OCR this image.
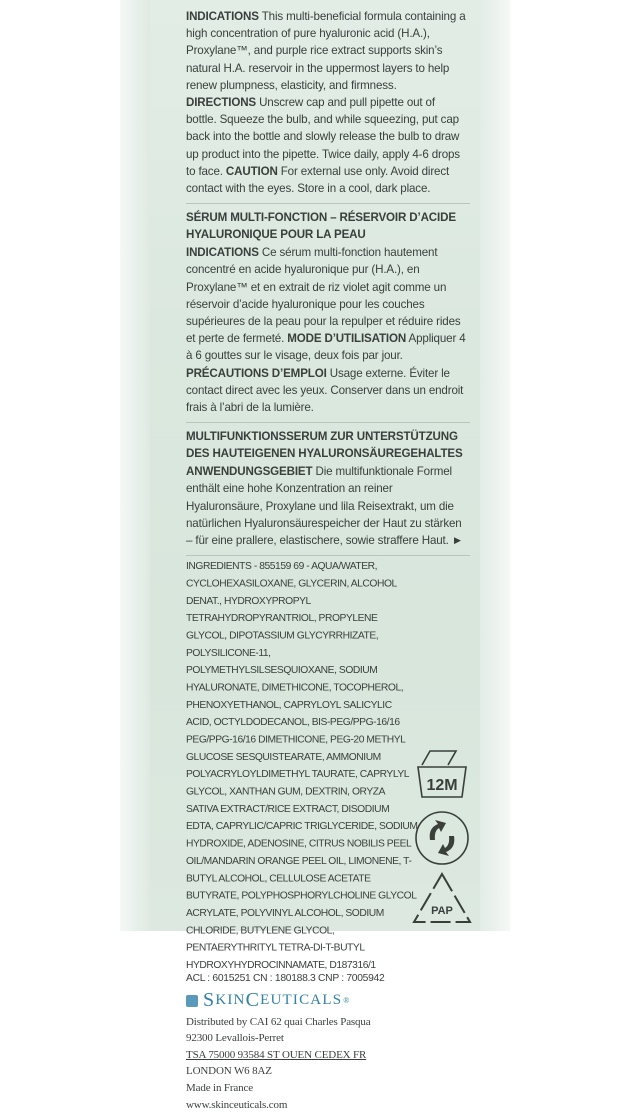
INDICATIONS This multi-beneficial formula containing a high concentration of pure hyaluronic acid (H.A.), Proxylane™, and purple rice extract supports skin’s natural H.A. reservoir in the uppermost layers to help renew plumpness, elasticity, and firmness. DIRECTIONS Unscrew cap and pull pipette out of bottle. Squeeze the bulb, and while squeezing, put cap back into the bottle and slowly release the bulb to draw up product into the pipette. Twice daily, apply 4-6 drops to face. CAUTION For external use only. Avoid direct contact with the eyes. Store in a cool, dark place.
SÉRUM MULTI-FONCTION – RÉSERVOIR D’ACIDE HYALURONIQUE POUR LA PEAU
INDICATIONS Ce sérum multi-fonction hautement concentré en acide hyaluronique pur (H.A.), en Proxylane™ et en extrait de riz violet agit comme un réservoir d’acide hyaluronique pour les couches supérieures de la peau pour la repulper et réduire rides et perte de fermeté. MODE D’UTILISATION Appliquer 4 à 6 gouttes sur le visage, deux fois par jour. PRÉCAUTIONS D’EMPLOI Usage externe. Éviter le contact direct avec les yeux. Conserver dans un endroit frais à l’abri de la lumière.
MULTIFUNKTIONSSERUM ZUR UNTERSTÜTZUNG DES HAUTEIGENEN HYALURONSÄUREGEHALTES
ANWENDUNGSGEBIET Die multifunktionale Formel enthält eine hohe Konzentration an reiner Hyaluronsäure, Proxylane und lila Reisextrakt, um die natürlichen Hyaluronsäurespeicher der Haut zu stärken – für eine prallere, elastischere, sowie straffere Haut. ►
INGREDIENTS - 855159 69 - AQUA/WATER, CYCLOHEXASILOXANE, GLYCERIN, ALCOHOL DENAT., HYDROXYPROPYL TETRAHYDROPYRANTRIOL, PROPYLENE GLYCOL, DIPOTASSIUM GLYCYRRHIZATE, POLYSILICONE-11, POLYMETHYLSILSESQUIOXANE, SODIUM HYALURONATE, DIMETHICONE, TOCOPHEROL, PHENOXYETHANOL, CAPRYLOYL SALICYLIC ACID, OCTYLDODECANOL, BIS-PEG/PPG-16/16 PEG/PPG-16/16 DIMETHICONE, PEG-20 METHYL GLUCOSE SESQUISTEARATE, AMMONIUM POLYACRYLOYLDIMETHYL TAURATE, CAPRYLYL GLYCOL, XANTHAN GUM, DEXTRIN, ORYZA SATIVA EXTRACT/RICE EXTRACT, DISODIUM EDTA, CAPRYLIC/CAPRIC TRIGLYCERIDE, SODIUM HYDROXIDE, ADENOSINE, CITRUS NOBILIS PEEL OIL/MANDARIN ORANGE PEEL OIL, LIMONENE, T-BUTYL ALCOHOL, CELLULOSE ACETATE BUTYRATE, POLYPHOSPHORYLCHOLINE GLYCOL ACRYLATE, POLYVINYL ALCOHOL, SODIUM CHLORIDE, BUTYLENE GLYCOL, PENTAERYTHRITYL TETRA-DI-T-BUTYL HYDROXYHYDROCINNAMATE, D187316/1
ACL : 6015251 CN : 180188.3 CNP : 7005942
S KIN C EUTICALS ®
Distributed by CAI 62 quai Charles Pasqua
92300 Levallois-Perret
TSA 75000 93584 ST OUEN CEDEX FR
LONDON W6 8AZ
Made in France
www.skinceuticals.com
12M
PAP
